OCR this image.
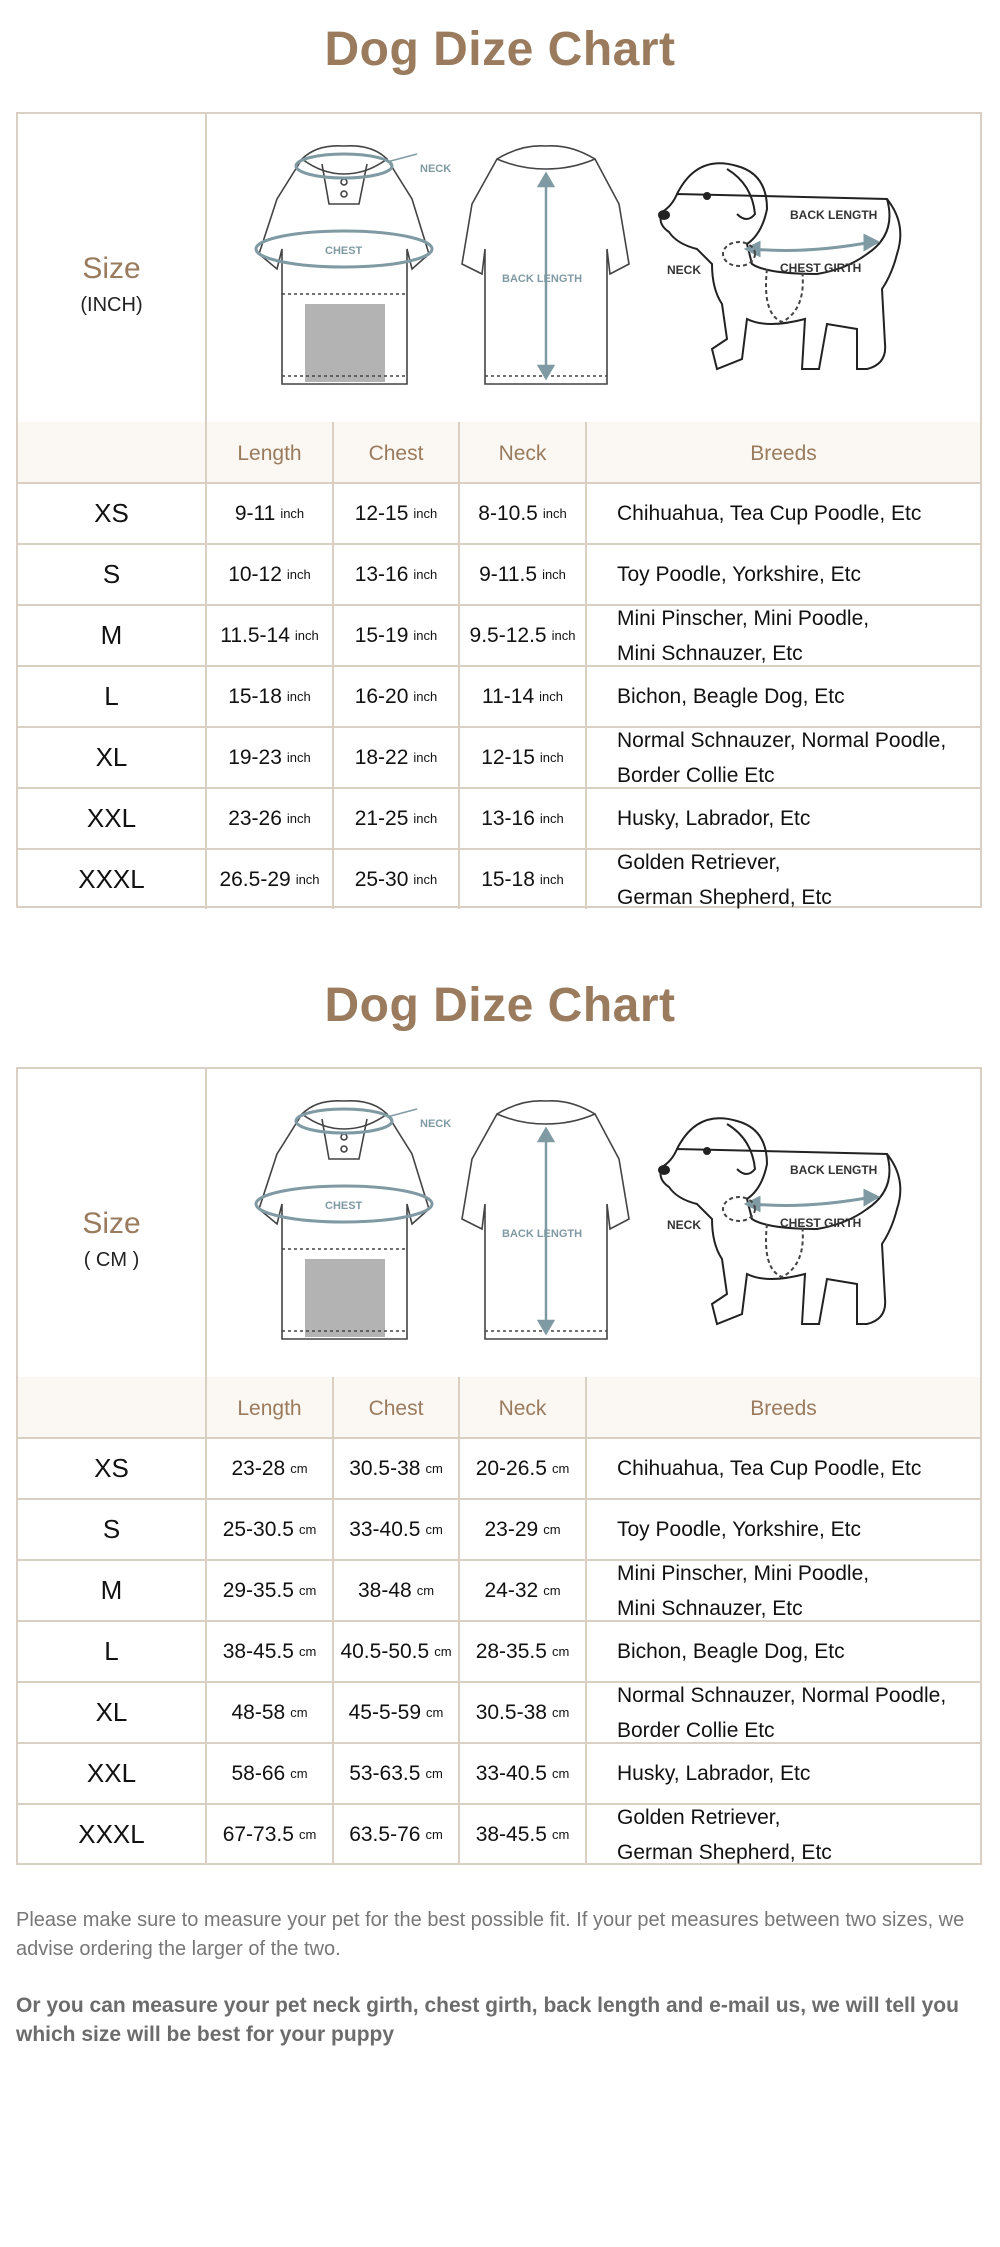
Dog Dize Chart
Size
(INCH)
NECK
CHEST
BACK LENGTH
BACK LENGTH
NECK	CHEST GIRTH
Length	Chest	Neck	Breeds
XS	9-11 inch 12-15 inch 8-10.5 inch Chihuahua, Tea Cup Poodle, Etc
S	10-12 inch 13-16 inch 9-11.5 inch Toy Poodle, Yorkshire, Etc
M	11.5-14 inch 15-19 inch 9.5-12.5 inch
Mini Pinscher, Mini Poodle,
Mini Schnauzer, Etc
L	15-18 inch 16-20 inch 11-14 inch	Bichon, Beagle Dog, Etc
XL	19-23 inch 18-22 inch 12-15 inch
Normal Schnauzer, Normal Poodle,
Border Collie Etc
XXL	23-26 inch 21-25 inch 13-16 inch	Husky, Labrador, Etc
XXXL	26.5-29 inch 25-30 inch 15-18 inch
Golden Retriever,
German Shepherd, Etc
Dog Dize Chart
Size
( CM )
NECK
CHEST
BACK LENGTH
BACK LENGTH
NECK	CHEST GIRTH
Length	Chest	Neck	Breeds
XS	23-28 cm 30.5-38 cm 20-26.5 cm Chihuahua, Tea Cup Poodle, Etc
S	25-30.5 cm 33-40.5 cm 23-29 cm	Toy Poodle, Yorkshire, Etc
M	29-35.5 cm 38-48 cm 24-32 cm
Mini Pinscher, Mini Poodle,
Mini Schnauzer, Etc
L	38-45.5 cm 40.5-50.5 cm 28-35.5 cm Bichon, Beagle Dog, Etc
XL	48-58 cm 45-5-59 cm 30.5-38 cm
Normal Schnauzer, Normal Poodle,
Border Collie Etc
XXL	58-66 cm 53-63.5 cm 33-40.5 cm Husky, Labrador, Etc
XXXL	67-73.5 cm 63.5-76 cm 38-45.5 cm
Golden Retriever,
German Shepherd, Etc
Please make sure to measure your pet for the best possible fit. If your pet measures between two sizes, we advise ordering the larger of the two.
Or you can measure your pet neck girth, chest girth, back length and e-mail us, we will tell you which size will be best for your puppy
